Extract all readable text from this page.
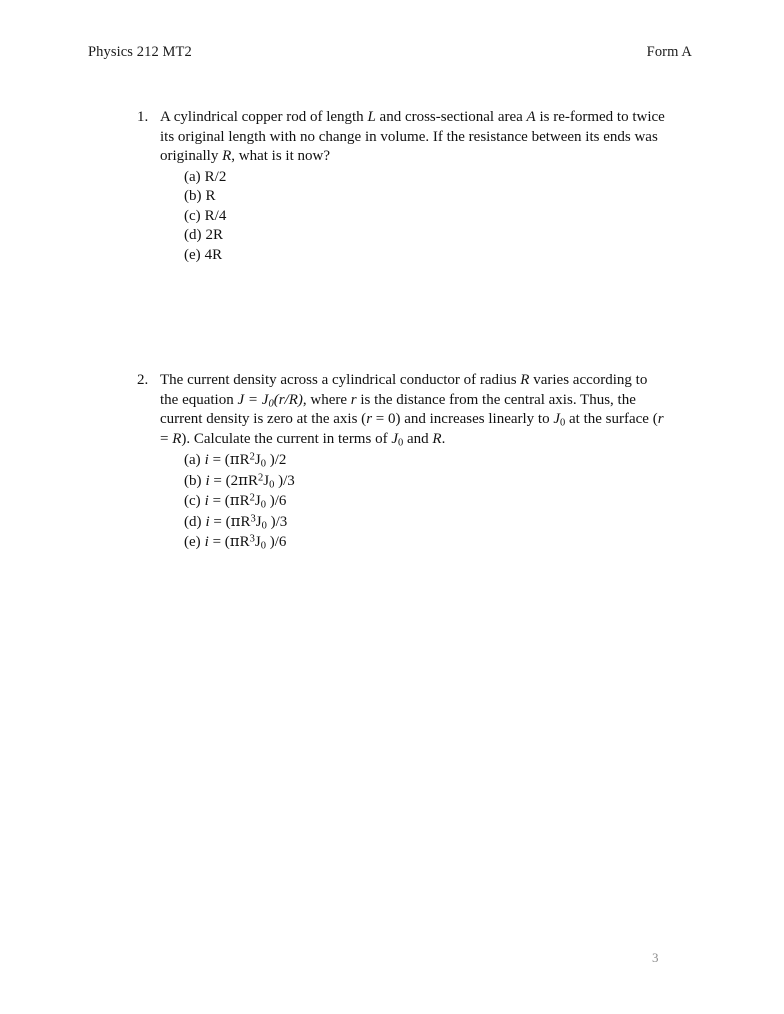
Physics 212 MT2	Form A
1. A cylindrical copper rod of length L and cross-sectional area A is re-formed to twice its original length with no change in volume. If the resistance between its ends was originally R, what is it now?
(a) R/2
(b) R
(c) R/4
(d) 2R
(e) 4R
2. The current density across a cylindrical conductor of radius R varies according to the equation $J = J_0(r/R)$, where r is the distance from the central axis. Thus, the current density is zero at the axis (r = 0) and increases linearly to $J_0$ at the surface (r = R). Calculate the current in terms of $J_0$ and R.
(a) $i = (\pi R^2J_0$ )/2
(b) $i = (2\pi R^2J_0$ )/3
(c) $i = (\pi R^2J_0$ )/6
(d) $i = (\pi R^3J_0$ )/3
(e) $i = (\pi R^3J_0$ )/6
3
